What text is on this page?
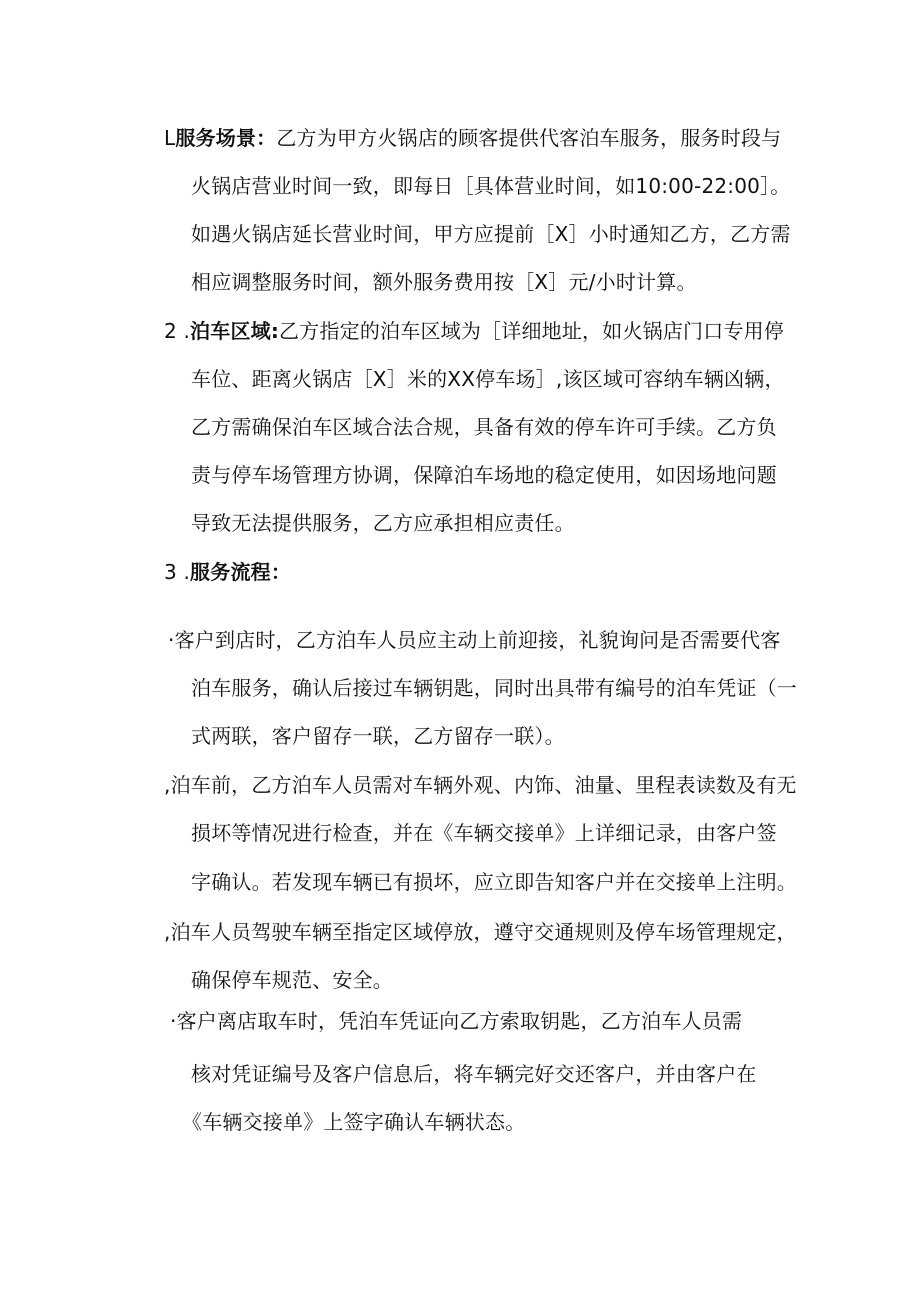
L服务场景：乙方为甲方火锅店的顾客提供代客泊车服务，服务时段与
火锅店营业时间一致，即每日［具体营业时间，如10:00-22:00］。
如遇火锅店延长营业时间，甲方应提前［X］小时通知乙方，乙方需
相应调整服务时间，额外服务费用按［X］元/小时计算。
2 .泊车区域:乙方指定的泊车区域为［详细地址，如火锅店门口专用停
车位、距离火锅店［X］米的XX停车场］,该区域可容纳车辆凶辆，
乙方需确保泊车区域合法合规，具备有效的停车许可手续。乙方负
责与停车场管理方协调，保障泊车场地的稳定使用，如因场地问题
导致无法提供服务，乙方应承担相应责任。
3 .服务流程：
·客户到店时，乙方泊车人员应主动上前迎接，礼貌询问是否需要代客
泊车服务，确认后接过车辆钥匙，同时出具带有编号的泊车凭证（一
式两联，客户留存一联，乙方留存一联）。
,泊车前，乙方泊车人员需对车辆外观、内饰、油量、里程表读数及有无
损坏等情况进行检查，并在《车辆交接单》上详细记录，由客户签
字确认。若发现车辆已有损坏，应立即告知客户并在交接单上注明。
,泊车人员驾驶车辆至指定区域停放，遵守交通规则及停车场管理规定，
确保停车规范、安全。
·客户离店取车时，凭泊车凭证向乙方索取钥匙，乙方泊车人员需
核对凭证编号及客户信息后，将车辆完好交还客户，并由客户在
《车辆交接单》上签字确认车辆状态。
